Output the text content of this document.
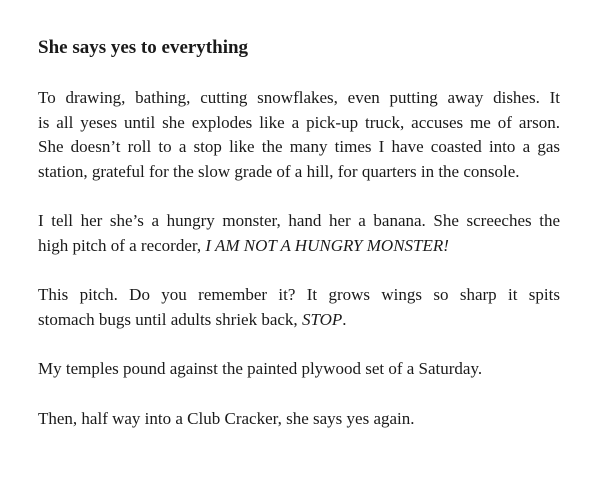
She says yes to everything
To drawing, bathing, cutting snowflakes, even putting away dishes. It
is all yeses until she explodes like a pick-up truck, accuses me of arson.
She doesn’t roll to a stop like the many times I have coasted into a gas
station, grateful for the slow grade of a hill, for quarters in the console.
I tell her she’s a hungry monster, hand her a banana. She screeches the
high pitch of a recorder, I AM NOT A HUNGRY MONSTER!
This pitch. Do you remember it? It grows wings so sharp it spits
stomach bugs until adults shriek back, STOP.
My temples pound against the painted plywood set of a Saturday.
Then, half way into a Club Cracker, she says yes again.
